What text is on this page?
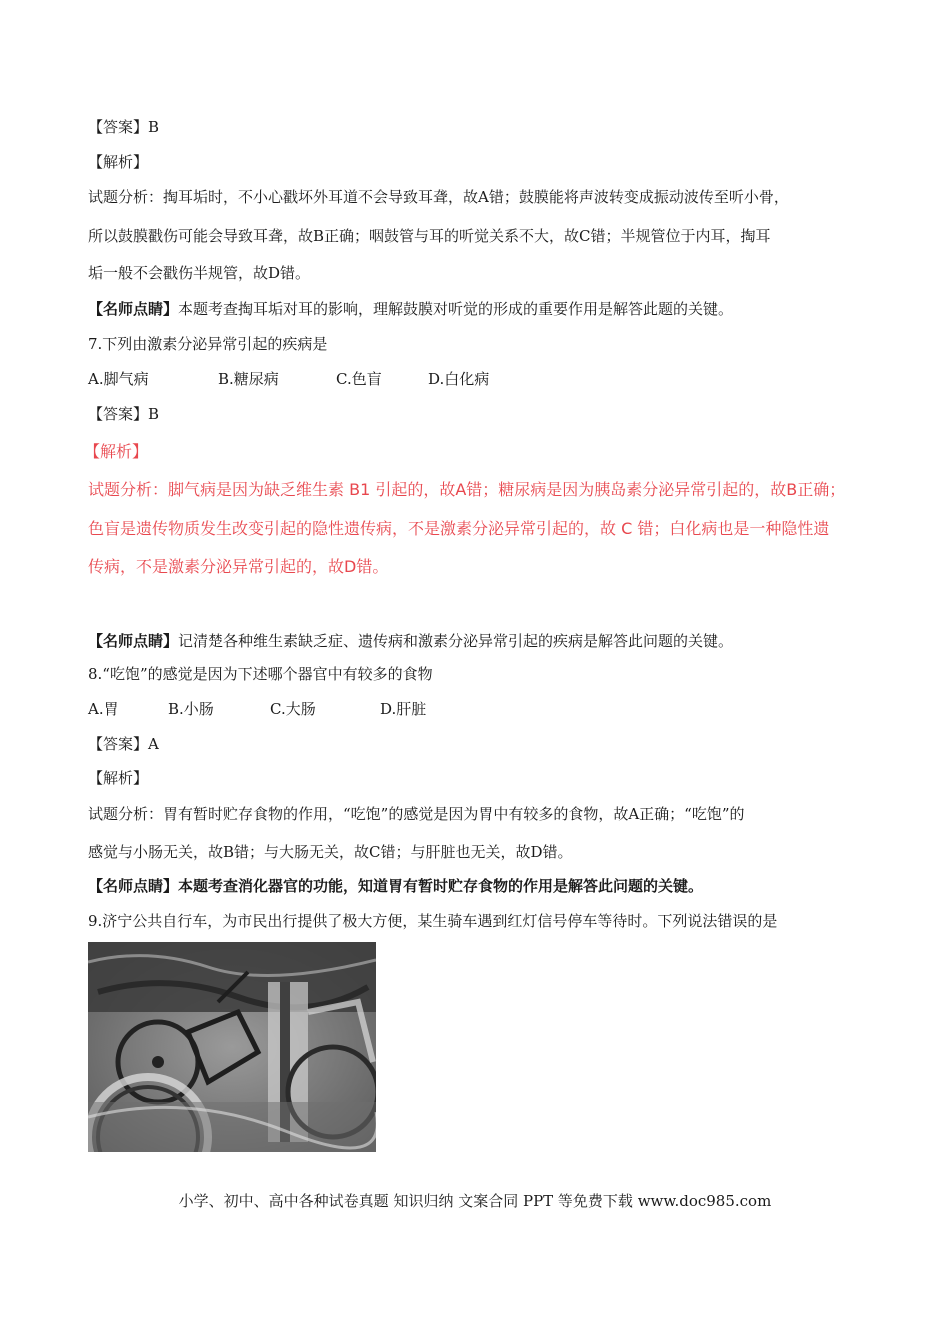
【答案】B
【解析】
试题分析：掏耳垢时，不小心戳坏外耳道不会导致耳聋，故A错；鼓膜能将声波转变成振动波传至听小骨，
所以鼓膜戳伤可能会导致耳聋，故B正确；咽鼓管与耳的听觉关系不大，故C错；半规管位于内耳，掏耳
垢一般不会戳伤半规管，故D错。
【名师点睛】本题考查掏耳垢对耳的影响，理解鼓膜对听觉的形成的重要作用是解答此题的关键。
7.下列由激素分泌异常引起的疾病是
A.脚气病	B.糖尿病	C.色盲	D.白化病
【答案】B
【解析】
试题分析：脚气病是因为缺乏维生素 B1 引起的，故A错；糖尿病是因为胰岛素分泌异常引起的，故B正确；
色盲是遗传物质发生改变引起的隐性遗传病，不是激素分泌异常引起的，故 C 错；白化病也是一种隐性遗
传病，不是激素分泌异常引起的，故D错。
【名师点睛】记清楚各种维生素缺乏症、遗传病和激素分泌异常引起的疾病是解答此问题的关键。
8.“吃饱”的感觉是因为下述哪个器官中有较多的食物
A.胃	B.小肠	C.大肠	D.肝脏
【答案】A
【解析】
试题分析：胃有暂时贮存食物的作用，“吃饱”的感觉是因为胃中有较多的食物，故A正确；“吃饱”的
感觉与小肠无关，故B错；与大肠无关，故C错；与肝脏也无关，故D错。
【名师点睛】本题考查消化器官的功能，知道胃有暂时贮存食物的作用是解答此问题的关键。
9.济宁公共自行车，为市民出行提供了极大方便，某生骑车遇到红灯信号停车等待时。下列说法错误的是
小学、初中、高中各种试卷真题 知识归纳 文案合同 PPT 等免费下载 www.doc985.com
